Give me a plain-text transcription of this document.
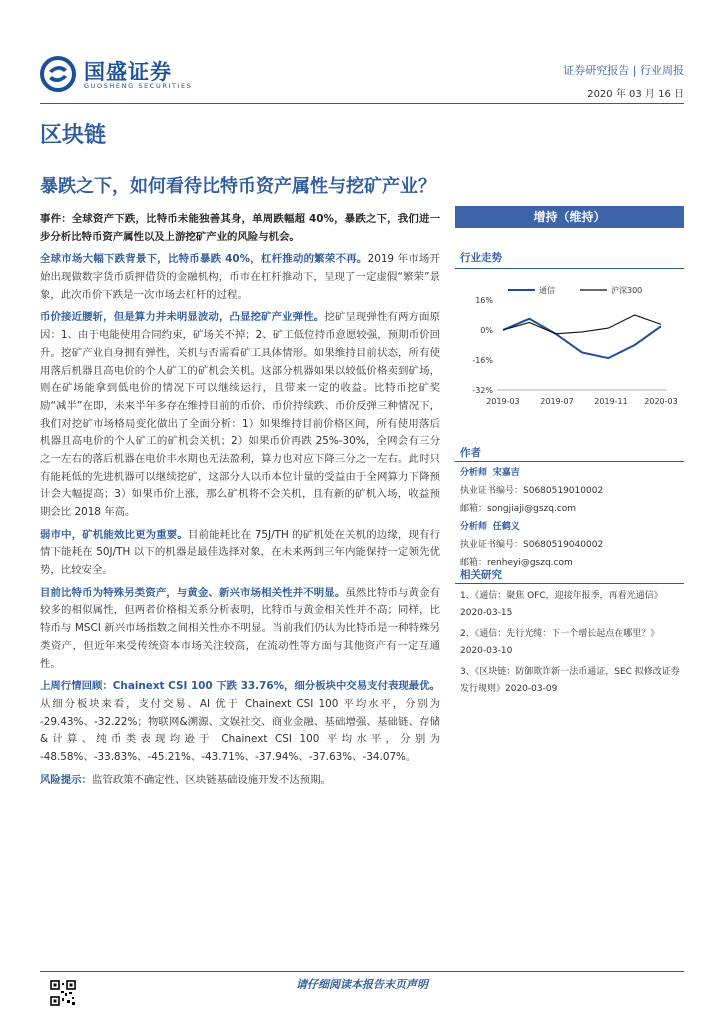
国盛证券
GUOSHENG SECURITIES
证券研究报告 | 行业周报
2020 年 03 月 16 日
区块链
暴跌之下，如何看待比特币资产属性与挖矿产业？

事件：全球资产下跌，比特币未能独善其身，单周跌幅超 40%，暴跌之下，我们进一步分析比特币资产属性以及上游挖矿产业的风险与机会。

全球市场大幅下跌背景下，比特币暴跌 40%，杠杆推动的繁荣不再。2019 年市场开始出现做数字货币质押借贷的金融机构，币市在杠杆推动下，呈现了一定虚假“繁荣”景象，此次币价下跌是一次市场去杠杆的过程。

币价接近腰斩，但是算力并未明显波动，凸显挖矿产业弹性。挖矿呈现弹性有两方面原因：1、由于电能使用合同约束，矿场关不掉；2、矿工低位持币意愿较强，预期币价回升。挖矿产业自身拥有弹性，关机与否需看矿工具体情形。如果维持目前状态，所有使用落后机器且高电价的个人矿工的矿机会关机。这部分机器如果以较低价格卖到矿场，则在矿场能拿到低电价的情况下可以继续运行，且带来一定的收益。比特币挖矿奖励“减半”在即，未来半年多存在维持目前的币价、币价持续跌、币价反弹三种情况下，我们对挖矿市场格局变化做出了全面分析：1）如果维持目前价格区间，所有使用落后机器且高电价的个人矿工的矿机会关机；2）如果币价再跌 25%-30%，全网会有三分之一左右的落后机器在电价丰水期也无法盈利，算力也对应下降三分之一左右。此时只有能耗低的先进机器可以继续挖矿，这部分人以币本位计量的受益由于全网算力下降预计会大幅提高；3）如果币价上涨，那么矿机将不会关机，且有新的矿机入场，收益预期会比 2018 年高。

弱市中，矿机能效比更为重要。目前能耗比在 75J/TH 的矿机处在关机的边缘，现有行情下能耗在 50J/TH 以下的机器是最佳选择对象，在未来两到三年内能保持一定领先优势，比较安全。

目前比特币为特殊另类资产，与黄金、新兴市场相关性并不明显。虽然比特币与黄金有较多的相似属性，但两者价格相关系分析表明，比特币与黄金相关性并不高；同样，比特币与 MSCI 新兴市场指数之间相关性亦不明显。当前我们仍认为比特币是一种特殊另类资产，但近年来受传统资本市场关注较高，在流动性等方面与其他资产有一定互通性。

上周行情回顾：Chainext CSI 100 下跌 33.76%，细分板块中交易支付表现最优。从细分板块来看，支付交易、AI 优于 Chainext CSI 100 平均水平，分别为 -29.43%、-32.22%；物联网&溯源、文娱社交、商业金融、基础增强、基础链、存储&计算、纯币类表现均逊于 Chainext CSI 100 平均水平，分别为 -48.58%、-33.83%、-45.21%、-43.71%、-37.94%、-37.63%、-34.07%。

风险提示：监管政策不确定性、区块链基础设施开发不达预期。

增持（维持）
行业走势
通信	沪深300
16%
0%
-16%
-32%
2019-03	2019-07	2019-11 2020-03
作者
分析师 宋嘉吉
执业证书编号：S0680519010002
邮箱：songjiaji@gszq.com
分析师 任鹤义
执业证书编号：S0680519040002
邮箱：renheyi@gszq.com
相关研究
1、《通信：聚焦 OFC，迎接年报季，再看光通信》
2020-03-15
2、《通信：先行光缆：下一个增长起点在哪里？》
2020-03-10
3、《区块链：防御欺诈新一法币通证，SEC 拟修改证券发行规则》2020-03-09
请仔细阅读本报告末页声明
